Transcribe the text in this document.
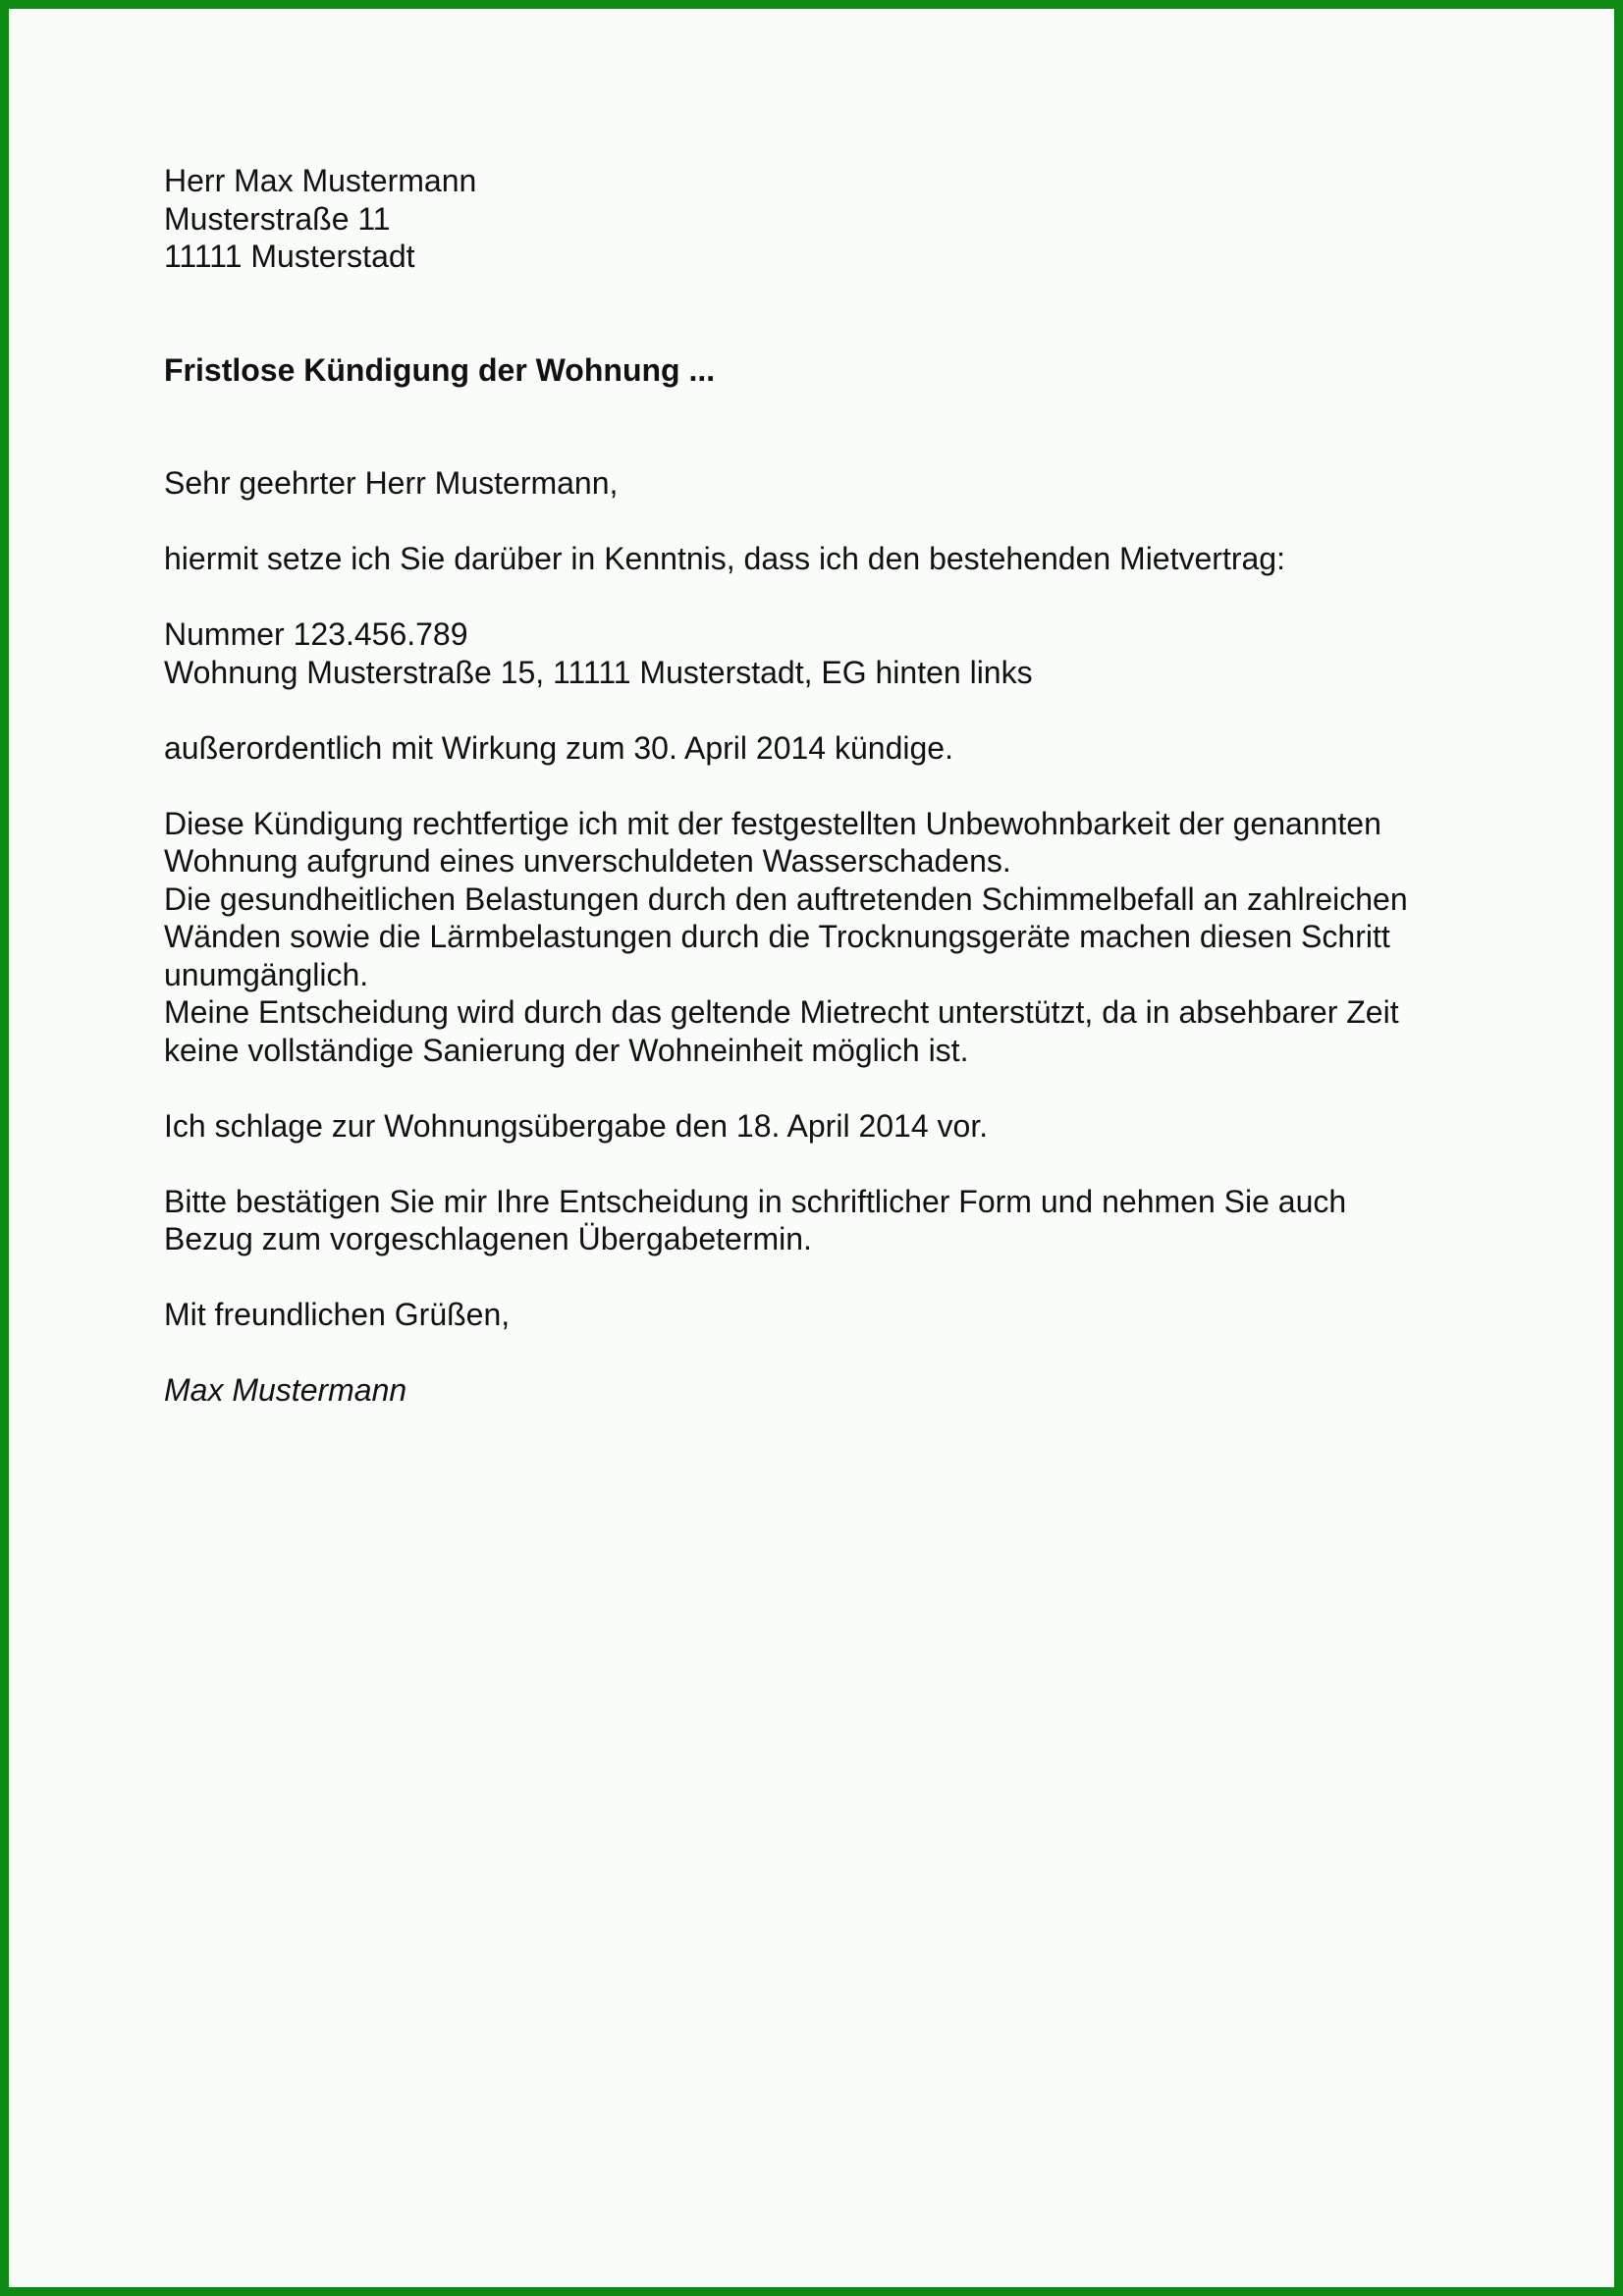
Herr Max Mustermann
Musterstraße 11
11111 Musterstadt
Fristlose Kündigung der Wohnung ...
Sehr geehrter Herr Mustermann,
hiermit setze ich Sie darüber in Kenntnis, dass ich den bestehenden Mietvertrag:
Nummer 123.456.789
Wohnung Musterstraße 15, 11111 Musterstadt, EG hinten links
außerordentlich mit Wirkung zum 30. April 2014 kündige.
Diese Kündigung rechtfertige ich mit der festgestellten Unbewohnbarkeit der genannten
Wohnung aufgrund eines unverschuldeten Wasserschadens.
Die gesundheitlichen Belastungen durch den auftretenden Schimmelbefall an zahlreichen
Wänden sowie die Lärmbelastungen durch die Trocknungsgeräte machen diesen Schritt
unumgänglich.
Meine Entscheidung wird durch das geltende Mietrecht unterstützt, da in absehbarer Zeit
keine vollständige Sanierung der Wohneinheit möglich ist.
Ich schlage zur Wohnungsübergabe den 18. April 2014 vor.
Bitte bestätigen Sie mir Ihre Entscheidung in schriftlicher Form und nehmen Sie auch
Bezug zum vorgeschlagenen Übergabetermin.
Mit freundlichen Grüßen,
Max Mustermann
